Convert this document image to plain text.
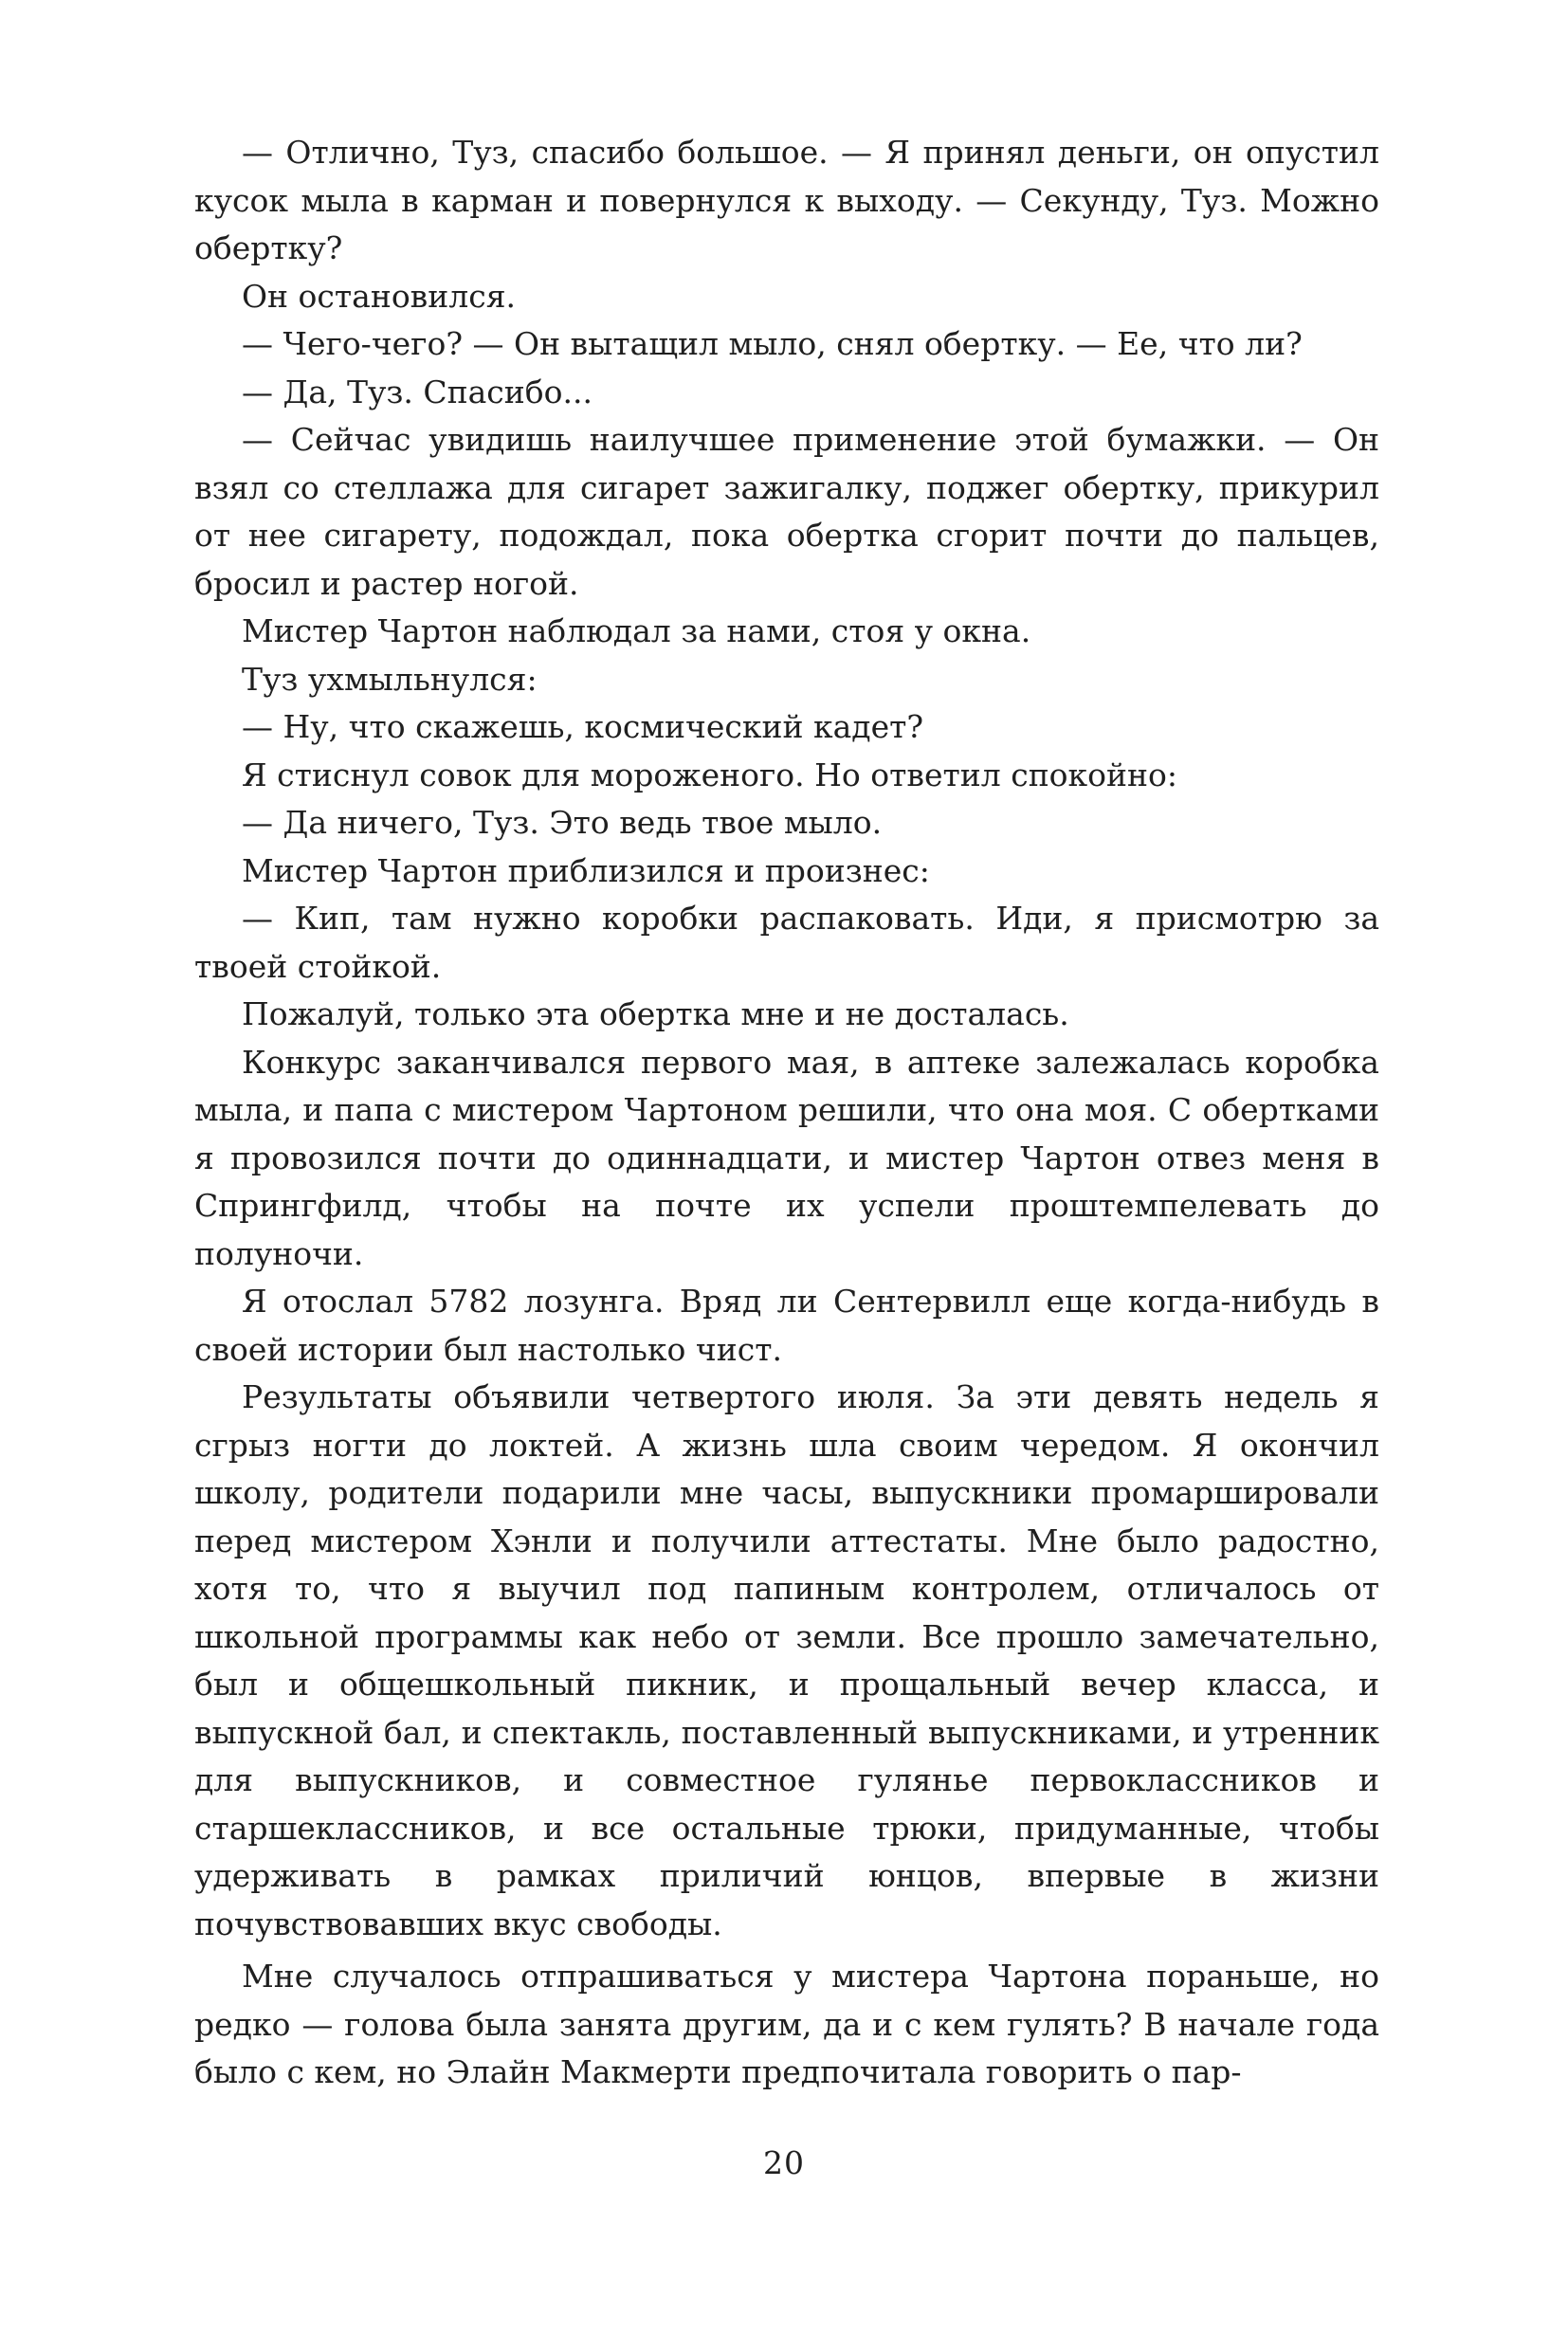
— Отлично, Туз, спасибо большое. — Я принял деньги, он опустил кусок мыла в карман и повернулся к выходу. — Секунду, Туз. Можно обертку?

Он остановился.

— Чего-чего? — Он вытащил мыло, снял обертку. — Ее, что ли?

— Да, Туз. Спасибо...

— Сейчас увидишь наилучшее применение этой бумажки. — Он взял со стеллажа для сигарет зажигалку, поджег обертку, прикурил от нее сигарету, подождал, пока обертка сгорит почти до пальцев, бросил и растер ногой.

Мистер Чартон наблюдал за нами, стоя у окна.

Туз ухмыльнулся:

— Ну, что скажешь, космический кадет?

Я стиснул совок для мороженого. Но ответил спокойно:

— Да ничего, Туз. Это ведь твое мыло.

Мистер Чартон приблизился и произнес:

— Кип, там нужно коробки распаковать. Иди, я присмотрю за твоей стойкой.

Пожалуй, только эта обертка мне и не досталась.

Конкурс заканчивался первого мая, в аптеке залежалась коробка мыла, и папа с мистером Чартоном решили, что она моя. С обертками я провозился почти до одиннадцати, и мистер Чартон отвез меня в Спрингфилд, чтобы на почте их успели проштемпелевать до полуночи.

Я отослал 5782 лозунга. Вряд ли Сентервилл еще когда-нибудь в своей истории был настолько чист.

Результаты объявили четвертого июля. За эти девять недель я сгрыз ногти до локтей. А жизнь шла своим чередом. Я окончил школу, родители подарили мне часы, выпускники промаршировали перед мистером Хэнли и получили аттестаты. Мне было радостно, хотя то, что я выучил под папиным контролем, отличалось от школьной программы как небо от земли. Все прошло замечательно, был и общешкольный пикник, и прощальный вечер класса, и выпускной бал, и спектакль, поставленный выпускниками, и утренник для выпускников, и совместное гулянье первоклассников и старшеклассников, и все остальные трюки, придуманные, чтобы удерживать в рамках приличий юнцов, впервые в жизни почувствовавших вкус свободы.

Мне случалось отпрашиваться у мистера Чартона пораньше, но редко — голова была занята другим, да и с кем гулять? В начале года было с кем, но Элайн Макмерти предпочитала говорить о пар-

20
